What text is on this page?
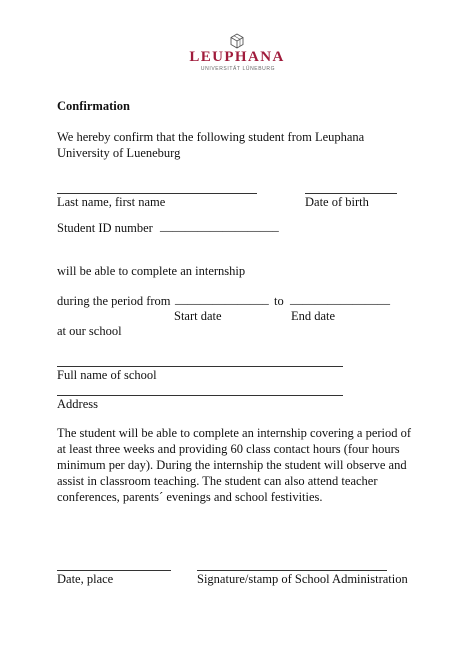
LEUPHANA
UNIVERSITÄT LÜNEBURG
Confirmation
We hereby confirm that the following student from Leuphana
University of Lueneburg
Last name, first name	Date of birth
Student ID number ___________________
will be able to complete an internship
during the period from _______________ to ________________
Start date	End date
at our school
Full name of school
Address
The student will be able to complete an internship covering a period of
at least three weeks and providing 60 class contact hours (four hours
minimum per day). During the internship the student will observe and
assist in classroom teaching. The student can also attend teacher
conferences, parents´ evenings and school festivities.
Date, place	Signature/stamp of School Administration
